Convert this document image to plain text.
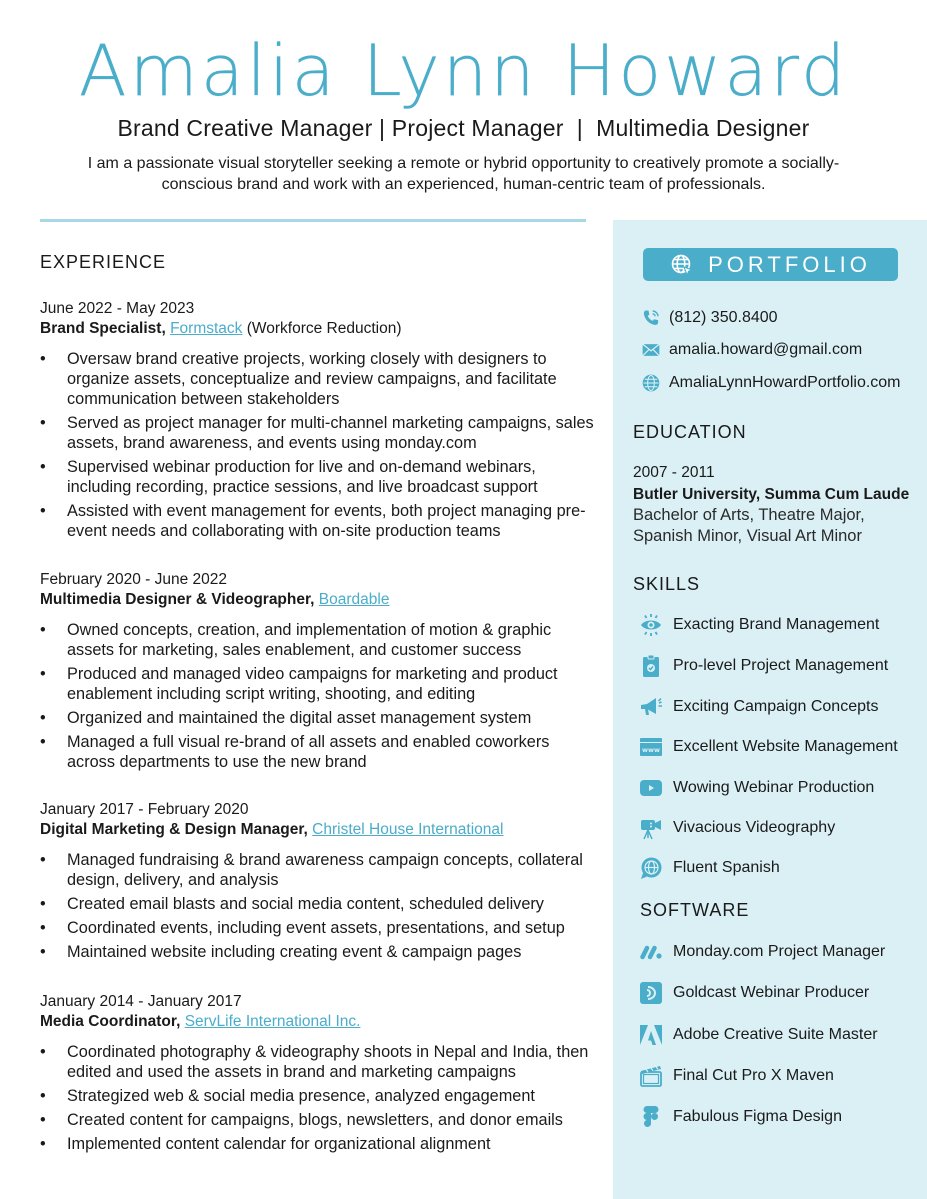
Amalia Lynn Howard
Brand Creative Manager | Project Manager  |  Multimedia Designer
I am a passionate visual storyteller seeking a remote or hybrid opportunity to creatively promote a socially-conscious brand and work with an experienced, human-centric team of professionals.
EXPERIENCE
June 2022 - May 2023
Brand Specialist, Formstack (Workforce Reduction)
• Oversaw brand creative projects, working closely with designers to organize assets, conceptualize and review campaigns, and facilitate communication between stakeholders
• Served as project manager for multi-channel marketing campaigns, sales assets, brand awareness, and events using monday.com
• Supervised webinar production for live and on-demand webinars, including recording, practice sessions, and live broadcast support
• Assisted with event management for events, both project managing pre-event needs and collaborating with on-site production teams
February 2020 - June 2022
Multimedia Designer & Videographer, Boardable
• Owned concepts, creation, and implementation of motion & graphic assets for marketing, sales enablement, and customer success
• Produced and managed video campaigns for marketing and product enablement including script writing, shooting, and editing
• Organized and maintained the digital asset management system
• Managed a full visual re-brand of all assets and enabled coworkers across departments to use the new brand
January 2017 - February 2020
Digital Marketing & Design Manager, Christel House International
• Managed fundraising & brand awareness campaign concepts, collateral design, delivery, and analysis
• Created email blasts and social media content, scheduled delivery
• Coordinated events, including event assets, presentations, and setup
• Maintained website including creating event & campaign pages
January 2014 - January 2017
Media Coordinator, ServLife International Inc.
• Coordinated photography & videography shoots in Nepal and India, then edited and used the assets in brand and marketing campaigns
• Strategized web & social media presence, analyzed engagement
• Created content for campaigns, blogs, newsletters, and donor emails
• Implemented content calendar for organizational alignment
PORTFOLIO
(812) 350.8400
amalia.howard@gmail.com
AmaliaLynnHowardPortfolio.com
EDUCATION
2007 - 2011
Butler University, Summa Cum Laude
Bachelor of Arts, Theatre Major, Spanish Minor, Visual Art Minor
SKILLS
Exacting Brand Management
Pro-level Project Management
Exciting Campaign Concepts
www Excellent Website Management
Wowing Webinar Production
Vivacious Videography
Fluent Spanish
SOFTWARE
Monday.com Project Manager
Goldcast Webinar Producer
Adobe Creative Suite Master
Final Cut Pro X Maven
Fabulous Figma Design
